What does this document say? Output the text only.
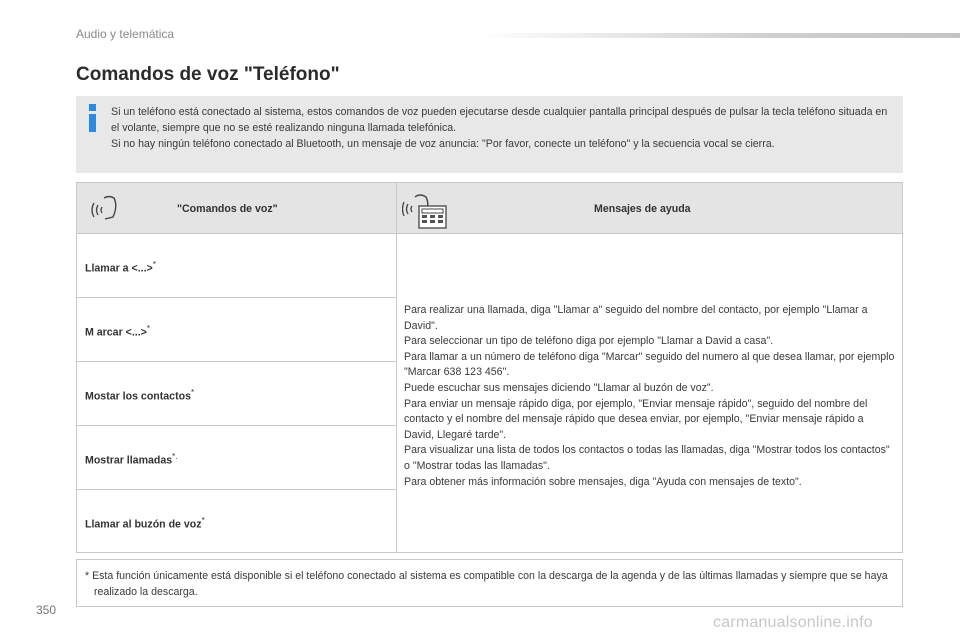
Audio y telemática
Comandos de voz "Teléfono"

Si un teléfono está conectado al sistema, estos comandos de voz pueden ejecutarse desde cualquier pantalla principal después de pulsar la tecla teléfono situada en el volante, siempre que no se esté realizando ninguna llamada telefónica.

Si no hay ningún teléfono conectado al Bluetooth, un mensaje de voz anuncia: "Por favor, conecte un teléfono" y la secuencia vocal se cierra.

"Comandos de voz"	Mensajes de ayuda
Llamar a <...>*
M arcar <...>*
Mostar los contactos*
Mostrar llamadas*.
Llamar al buzón de voz*

Para realizar una llamada, diga "Llamar a" seguido del nombre del contacto, por ejemplo "Llamar a David".

Para seleccionar un tipo de teléfono diga por ejemplo "Llamar a David a casa".

Para llamar a un número de teléfono diga "Marcar" seguido del numero al que desea llamar, por ejemplo "Marcar 638 123 456".

Puede escuchar sus mensajes diciendo "Llamar al buzón de voz".

Para enviar un mensaje rápido diga, por ejemplo, "Enviar mensaje rápido", seguido del nombre del contacto y el nombre del mensaje rápido que desea enviar, por ejemplo, "Enviar mensaje rápido a David, Llegaré tarde".

Para visualizar una lista de todos los contactos o todas las llamadas, diga "Mostrar todos los contactos" o "Mostrar todas las llamadas".

Para obtener más información sobre mensajes, diga "Ayuda con mensajes de texto".

* Esta función únicamente está disponible si el teléfono conectado al sistema es compatible con la descarga de la agenda y de las últimas llamadas y siempre que se haya realizado la descarga.
350
carmanualsonline.info
